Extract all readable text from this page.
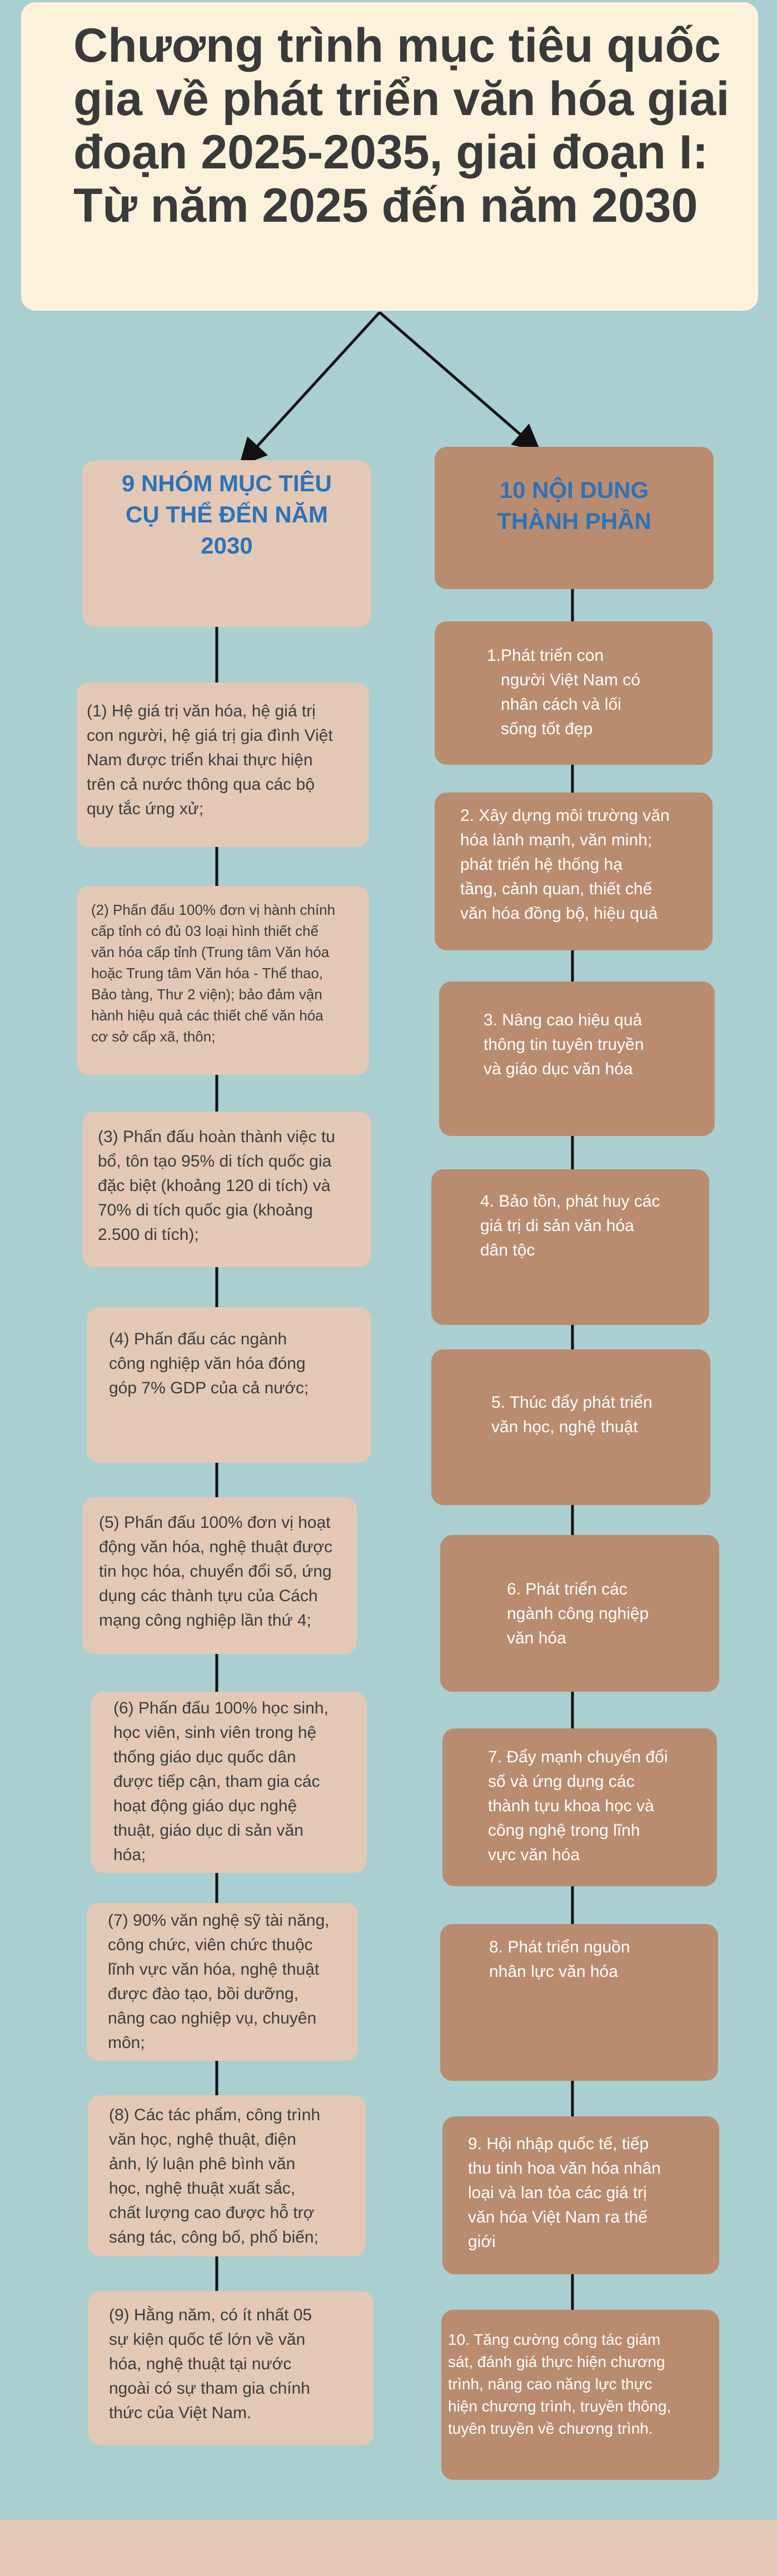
Chương trình mục tiêu quốc
gia về phát triển văn hóa giai
đoạn 2025-2035, giai đoạn I:
Từ năm 2025 đến năm 2030
9 NHÓM MỤC TIÊU
CỤ THỂ ĐẾN NĂM
2030
(1) Hệ giá trị văn hóa, hệ giá trị
con người, hệ giá trị gia đình Việt
Nam được triển khai thực hiện
trên cả nước thông qua các bộ
quy tắc ứng xử;
(2) Phấn đấu 100% đơn vị hành chính
cấp tỉnh có đủ 03 loại hình thiết chế
văn hóa cấp tỉnh (Trung tâm Văn hóa
hoặc Trung tâm Văn hóa - Thể thao,
Bảo tàng, Thư 2 viện); bảo đảm vận
hành hiệu quả các thiết chế văn hóa
cơ sở cấp xã, thôn;
(3) Phấn đấu hoàn thành việc tu
bổ, tôn tạo 95% di tích quốc gia
đặc biệt (khoảng 120 di tích) và
70% di tích quốc gia (khoảng
2.500 di tích);
(4) Phấn đấu các ngành
công nghiệp văn hóa đóng
góp 7% GDP của cả nước;
(5) Phấn đấu 100% đơn vị hoạt
động văn hóa, nghệ thuật được
tin học hóa, chuyển đổi số, ứng
dụng các thành tựu của Cách
mạng công nghiệp lần thứ 4;
(6) Phấn đấu 100% học sinh,
học viên, sinh viên trong hệ
thống giáo dục quốc dân
được tiếp cận, tham gia các
hoạt động giáo dục nghệ
thuật, giáo dục di sản văn
hóa;
(7) 90% văn nghệ sỹ tài năng,
công chức, viên chức thuộc
lĩnh vực văn hóa, nghệ thuật
được đào tạo, bồi dưỡng,
nâng cao nghiệp vụ, chuyên
môn;
(8) Các tác phẩm, công trình
văn học, nghệ thuật, điện
ảnh, lý luận phê bình văn
học, nghệ thuật xuất sắc,
chất lượng cao được hỗ trợ
sáng tác, công bố, phổ biến;
(9) Hằng năm, có ít nhất 05
sự kiện quốc tế lớn về văn
hóa, nghệ thuật tại nước
ngoài có sự tham gia chính
thức của Việt Nam.
10 NỘI DUNG
THÀNH PHẦN
1.Phát triển con
người Việt Nam có
nhân cách và lối
sống tốt đẹp
2. Xây dựng môi trường văn
hóa lành mạnh, văn minh;
phát triển hệ thống hạ
tầng, cảnh quan, thiết chế
văn hóa đồng bộ, hiệu quả
3. Nâng cao hiệu quả
thông tin tuyên truyền
và giáo dục văn hóa
4. Bảo tồn, phát huy các
giá trị di sản văn hóa
dân tộc
5. Thúc đẩy phát triển
văn học, nghệ thuật
6. Phát triển các
ngành công nghiệp
văn hóa
7. Đẩy mạnh chuyển đổi
số và ứng dụng các
thành tựu khoa học và
công nghệ trong lĩnh
vực văn hóa
8. Phát triển nguồn
nhân lực văn hóa
9. Hội nhập quốc tế, tiếp
thu tinh hoa văn hóa nhân
loại và lan tỏa các giá trị
văn hóa Việt Nam ra thế
giới
10. Tăng cường công tác giám
sát, đánh giá thực hiện chương
trình, nâng cao năng lực thực
hiện chương trình, truyền thông,
tuyên truyền về chương trình.
